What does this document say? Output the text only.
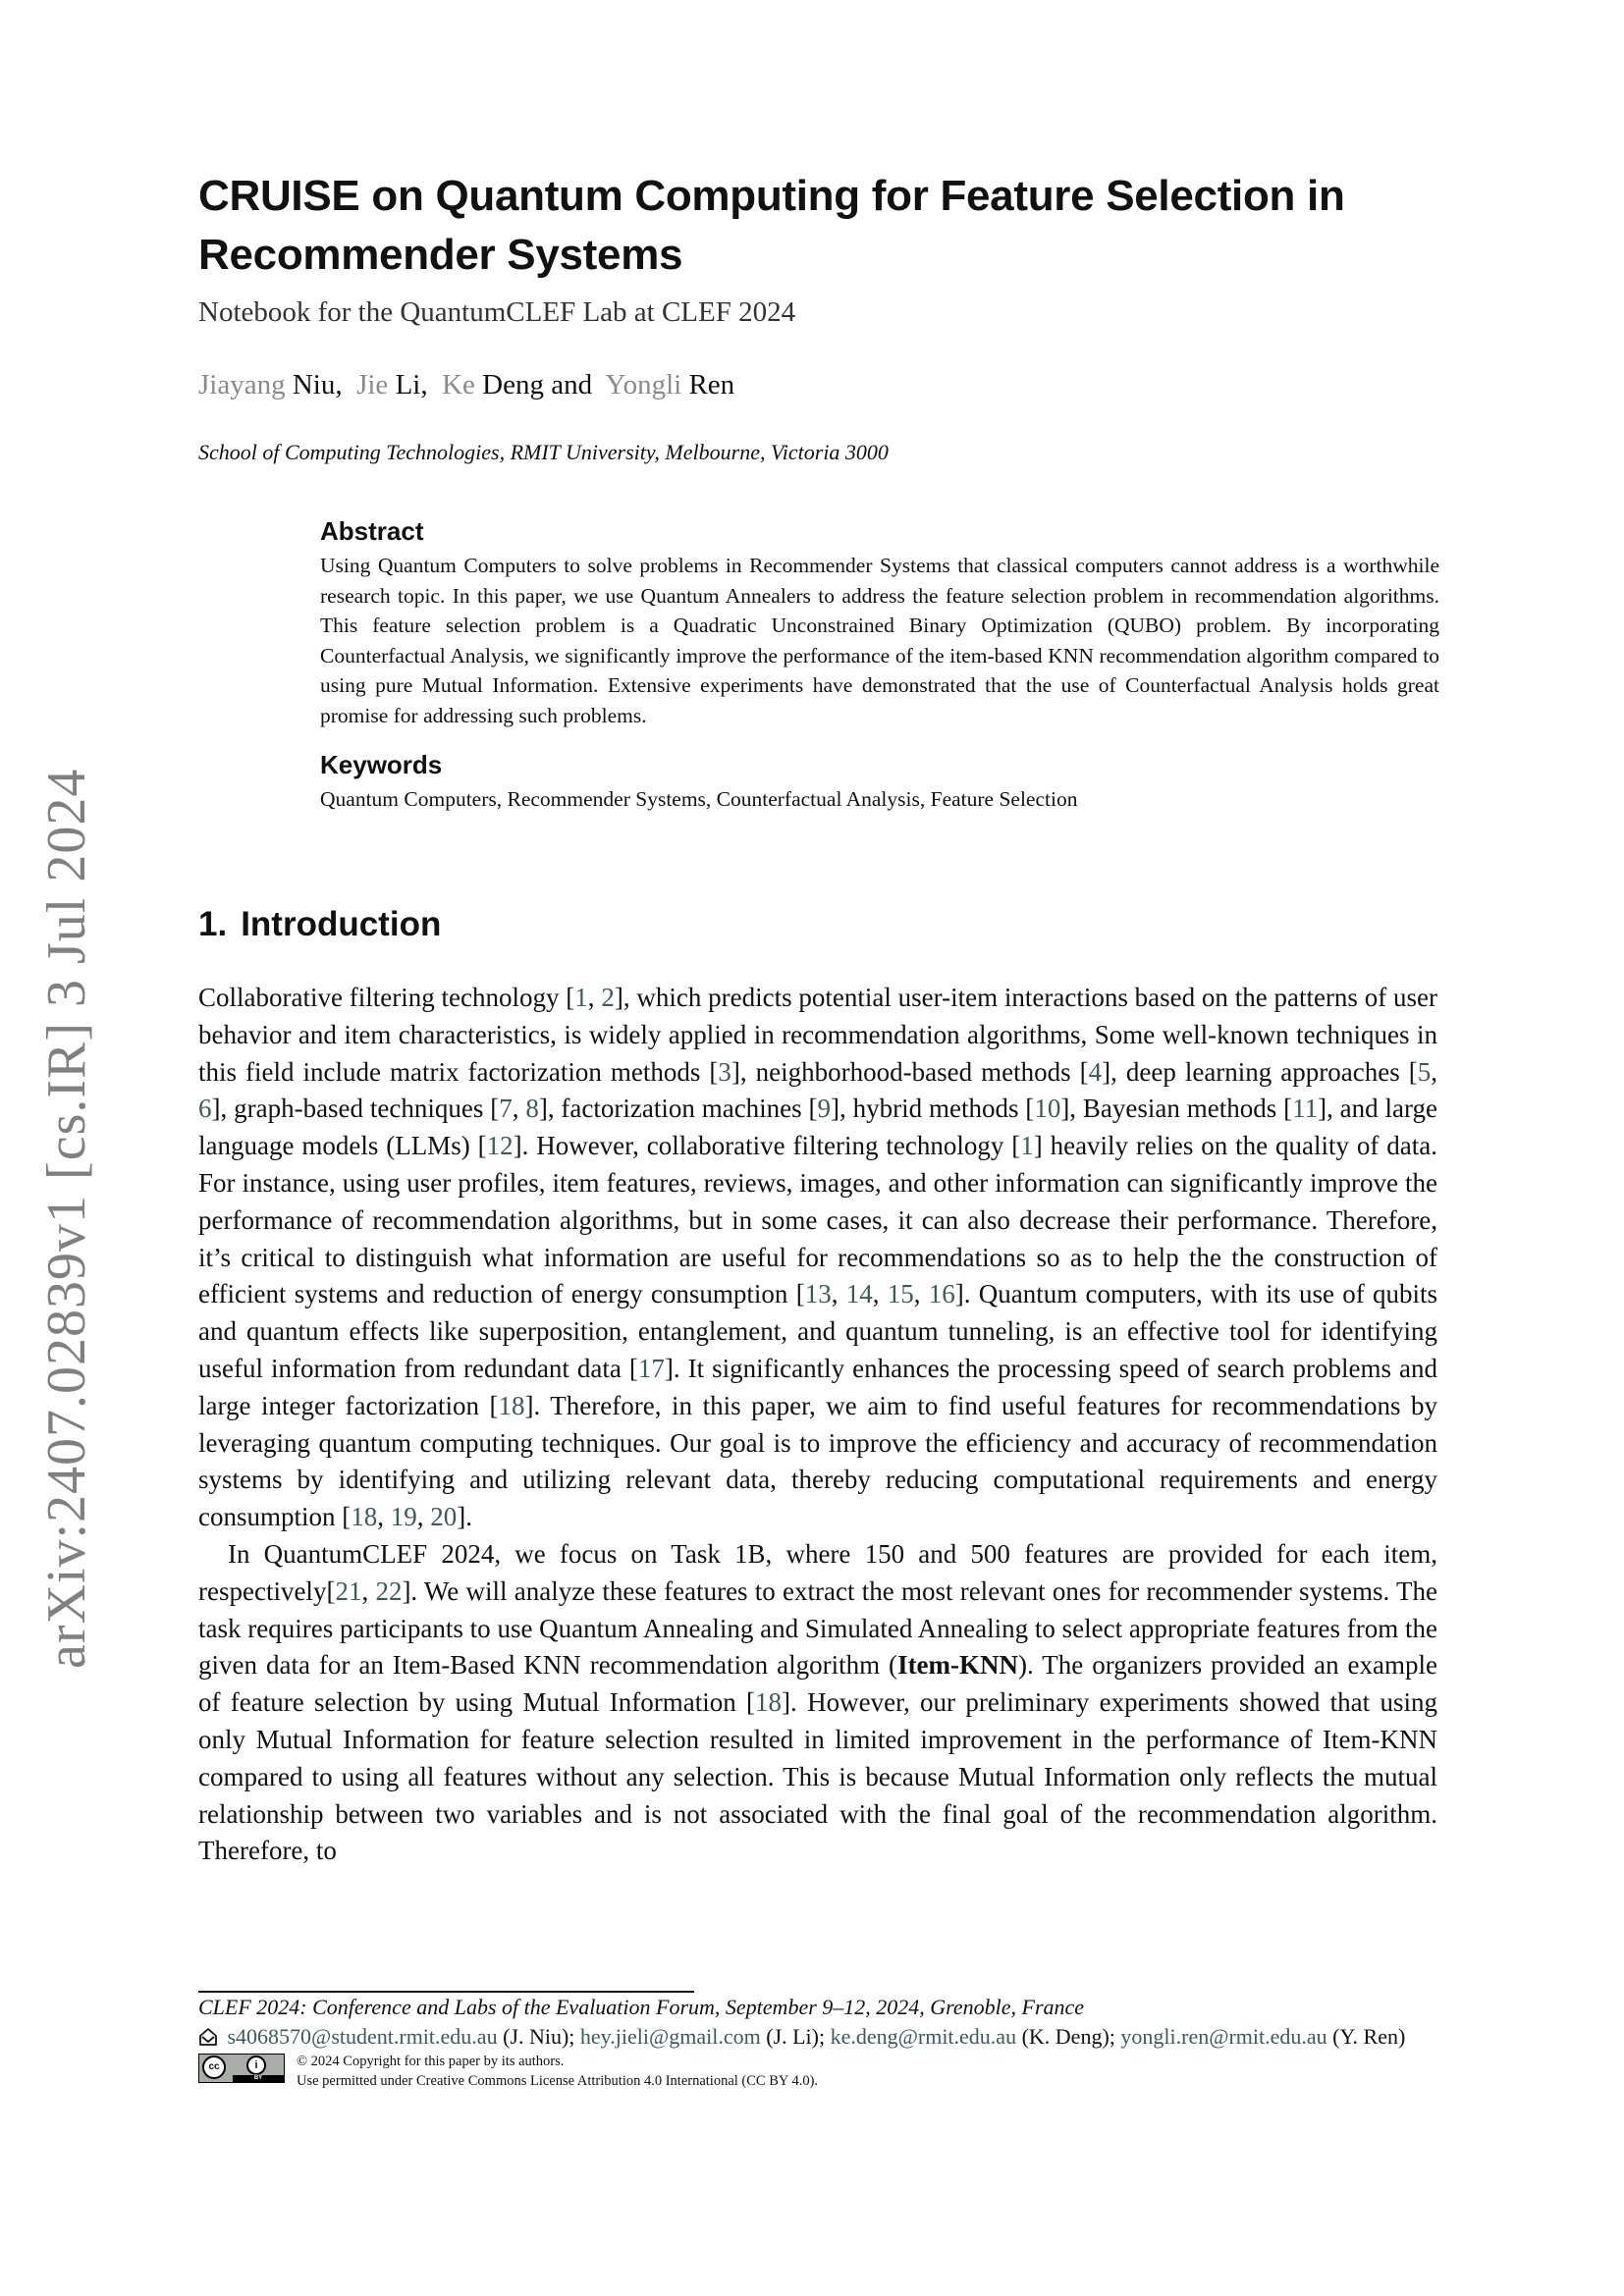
arXiv:2407.02839v1 [cs.IR] 3 Jul 2024
CRUISE on Quantum Computing for Feature Selection in Recommender Systems
Notebook for the QuantumCLEF Lab at CLEF 2024
Jiayang Niu,  Jie Li,  Ke Deng and  Yongli Ren
School of Computing Technologies, RMIT University, Melbourne, Victoria 3000
Abstract

Using Quantum Computers to solve problems in Recommender Systems that classical computers cannot address is a worthwhile research topic. In this paper, we use Quantum Annealers to address the feature selection problem in recommendation algorithms. This feature selection problem is a Quadratic Unconstrained Binary Optimization (QUBO) problem. By incorporating Counterfactual Analysis, we significantly improve the performance of the item-based KNN recommendation algorithm compared to using pure Mutual Information. Extensive experiments have demonstrated that the use of Counterfactual Analysis holds great promise for addressing such problems.

Keywords

Quantum Computers, Recommender Systems, Counterfactual Analysis, Feature Selection

1. Introduction

Collaborative filtering technology [1, 2], which predicts potential user-item interactions based on the patterns of user behavior and item characteristics, is widely applied in recommendation algorithms, Some well-known techniques in this field include matrix factorization methods [3], neighborhood-based methods [4], deep learning approaches [5, 6], graph-based techniques [7, 8], factorization machines [9], hybrid methods [10], Bayesian methods [11], and large language models (LLMs) [12]. However, collaborative filtering technology [1] heavily relies on the quality of data. For instance, using user profiles, item features, reviews, images, and other information can significantly improve the performance of recommendation algorithms, but in some cases, it can also decrease their performance. Therefore, it’s critical to distinguish what information are useful for recommendations so as to help the the construction of efficient systems and reduction of energy consumption [13, 14, 15, 16]. Quantum computers, with its use of qubits and quantum effects like superposition, entanglement, and quantum tunneling, is an effective tool for identifying useful information from redundant data [17]. It significantly enhances the processing speed of search problems and large integer factorization [18]. Therefore, in this paper, we aim to find useful features for recommendations by leveraging quantum computing techniques. Our goal is to improve the efficiency and accuracy of recommendation systems by identifying and utilizing relevant data, thereby reducing computational requirements and energy consumption [18, 19, 20].

In QuantumCLEF 2024, we focus on Task 1B, where 150 and 500 features are provided for each item, respectively[21, 22]. We will analyze these features to extract the most relevant ones for recommender systems. The task requires participants to use Quantum Annealing and Simulated Annealing to select appropriate features from the given data for an Item-Based KNN recommendation algorithm (Item-KNN). The organizers provided an example of feature selection by using Mutual Information [18]. However, our preliminary experiments showed that using only Mutual Information for feature selection resulted in limited improvement in the performance of Item-KNN compared to using all features without any selection. This is because Mutual Information only reflects the mutual relationship between two variables and is not associated with the final goal of the recommendation algorithm. Therefore, to

CLEF 2024: Conference and Labs of the Evaluation Forum, September 9–12, 2024, Grenoble, France
s4068570@student.rmit.edu.au (J. Niu); hey.jieli@gmail.com (J. Li); ke.deng@rmit.edu.au (K. Deng); yongli.ren@rmit.edu.au (Y. Ren)
cc	i
BY
© 2024 Copyright for this paper by its authors.
Use permitted under Creative Commons License Attribution 4.0 International (CC BY 4.0).
